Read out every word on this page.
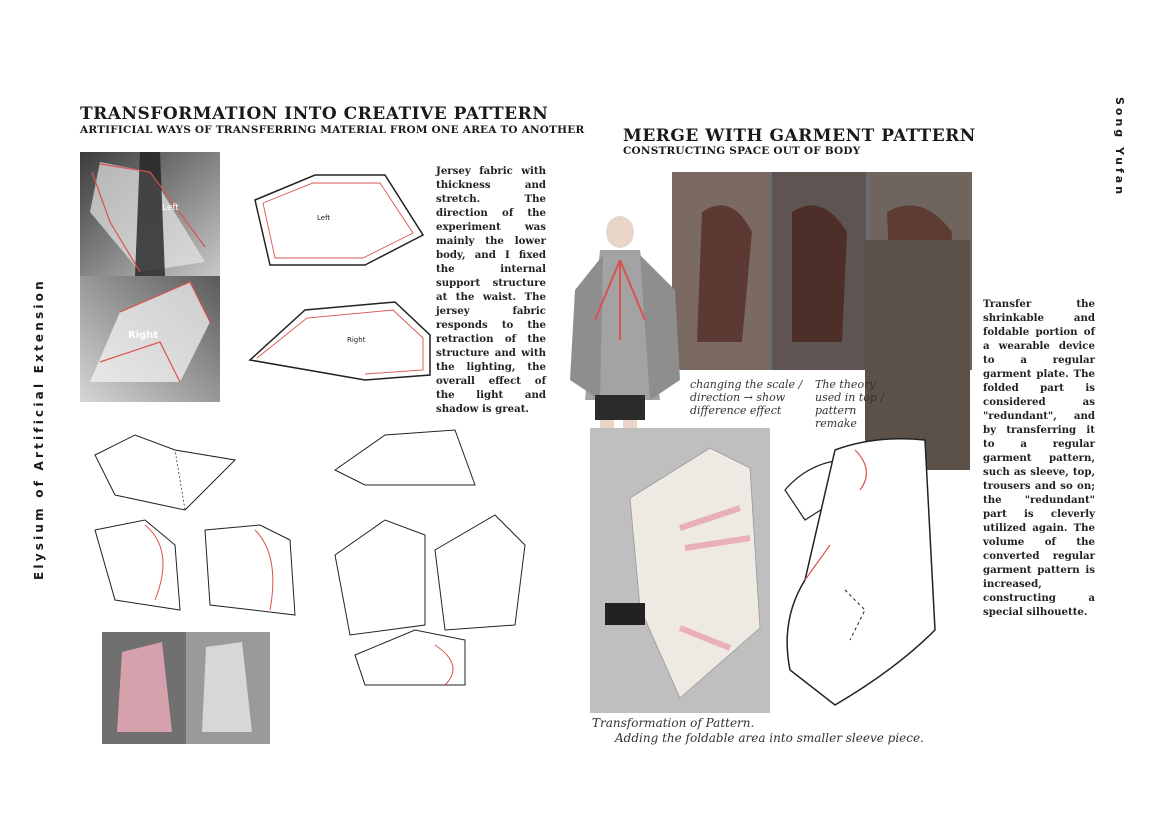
Elysium of Artificial Extension
TRANSFORMATION INTO CREATIVE PATTERN
ARTIFICIAL WAYS OF TRANSFERRING MATERIAL FROM ONE AREA TO ANOTHER
Left
Right
Left
Right
Jersey fabric with thickness and stretch. The direction of the experiment was mainly the lower body, and I fixed the internal support structure at the waist. The jersey fabric responds to the retraction of the structure and with the lighting, the overall effect of the light and shadow is great.
MERGE WITH GARMENT PATTERN
CONSTRUCTING SPACE OUT OF BODY	Song Yufan
changing the scale / direction → show difference effect
The theory used in top / pattern remake
Transformation of Pattern.
Adding the foldable area into smaller sleeve piece.
Transfer the shrinkable and foldable portion of a wearable device to a regular garment plate. The folded part is considered as "redundant", and by transferring it to a regular garment pattern, such as sleeve, top, trousers and so on; the "redundant" part is cleverly utilized again. The volume of the converted regular garment pattern is increased, constructing a special silhouette.
